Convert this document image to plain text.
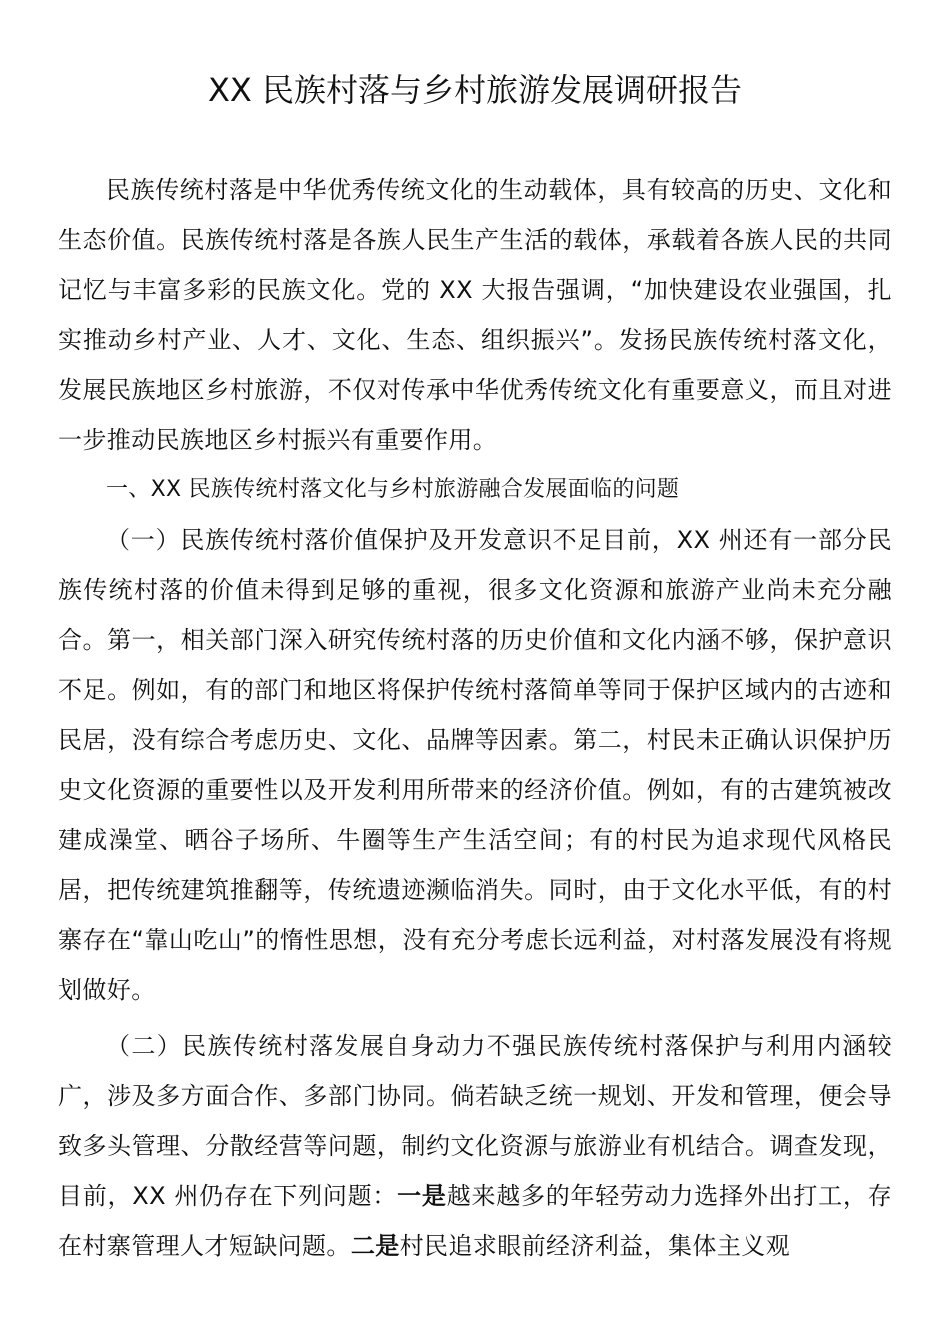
XX 民族村落与乡村旅游发展调研报告

民族传统村落是中华优秀传统文化的生动载体，具有较高的历史、文化和生态价值。民族传统村落是各族人民生产生活的载体，承载着各族人民的共同记忆与丰富多彩的民族文化。党的 XX 大报告强调，“加快建设农业强国，扎实推动乡村产业、人才、文化、生态、组织振兴”。发扬民族传统村落文化，发展民族地区乡村旅游，不仅对传承中华优秀传统文化有重要意义，而且对进一步推动民族地区乡村振兴有重要作用。

一、XX 民族传统村落文化与乡村旅游融合发展面临的问题

（一）民族传统村落价值保护及开发意识不足目前，XX 州还有一部分民族传统村落的价值未得到足够的重视，很多文化资源和旅游产业尚未充分融合。第一，相关部门深入研究传统村落的历史价值和文化内涵不够，保护意识不足。例如，有的部门和地区将保护传统村落简单等同于保护区域内的古迹和民居，没有综合考虑历史、文化、品牌等因素。第二，村民未正确认识保护历史文化资源的重要性以及开发利用所带来的经济价值。例如，有的古建筑被改建成澡堂、晒谷子场所、牛圈等生产生活空间；有的村民为追求现代风格民居，把传统建筑推翻等，传统遗迹濒临消失。同时，由于文化水平低，有的村寨存在“靠山吃山”的惰性思想，没有充分考虑长远利益，对村落发展没有将规划做好。

（二）民族传统村落发展自身动力不强民族传统村落保护与利用内涵较广，涉及多方面合作、多部门协同。倘若缺乏统一规划、开发和管理，便会导致多头管理、分散经营等问题，制约文化资源与旅游业有机结合。调查发现，目前，XX 州仍存在下列问题：一是越来越多的年轻劳动力选择外出打工，存在村寨管理人才短缺问题。二是村民追求眼前经济利益，集体主义观
